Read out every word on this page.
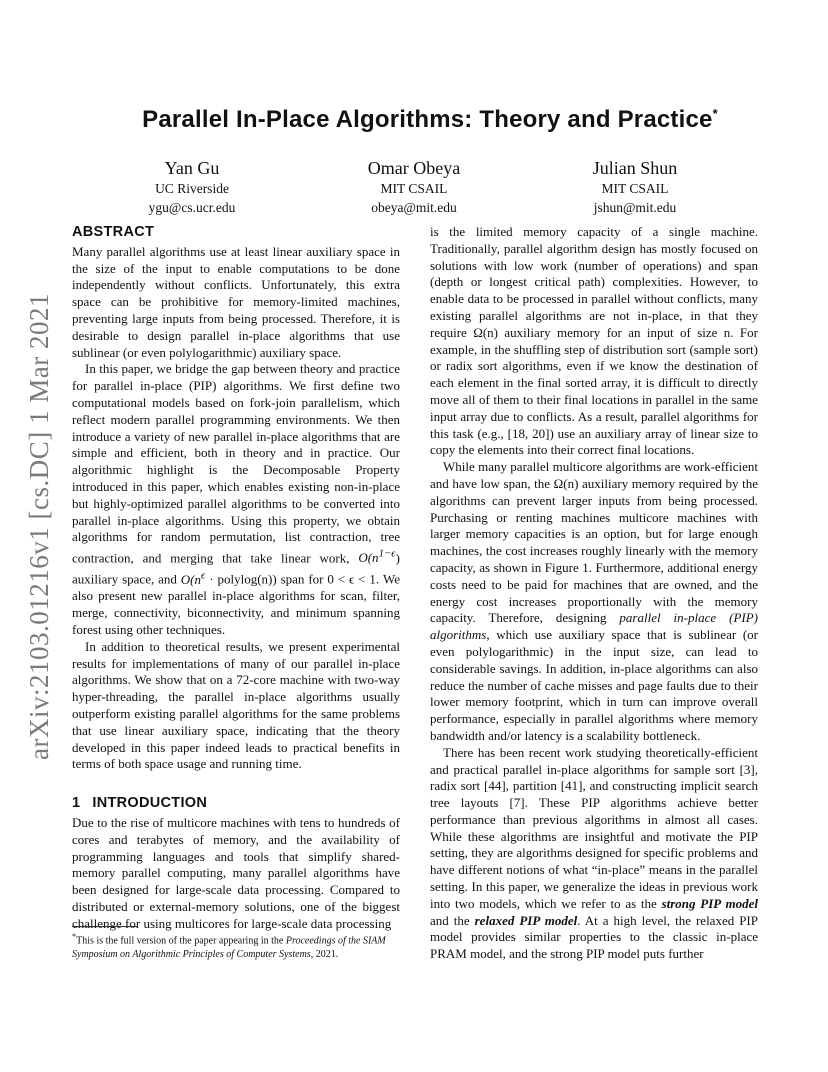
arXiv:2103.01216v1 [cs.DC] 1 Mar 2021
Parallel In-Place Algorithms: Theory and Practice*
Yan Gu
UC Riverside
ygu@cs.ucr.edu
Omar Obeya
MIT CSAIL
obeya@mit.edu
Julian Shun
MIT CSAIL
jshun@mit.edu
ABSTRACT

Many parallel algorithms use at least linear auxiliary space in the size of the input to enable computations to be done independently without conflicts. Unfortunately, this extra space can be prohibitive for memory-limited machines, preventing large inputs from being processed. Therefore, it is desirable to design parallel in-place algorithms that use sublinear (or even polylogarithmic) auxiliary space.

In this paper, we bridge the gap between theory and practice for parallel in-place (PIP) algorithms. We first define two computational models based on fork-join parallelism, which reflect modern parallel programming environments. We then introduce a variety of new parallel in-place algorithms that are simple and efficient, both in theory and in practice. Our algorithmic highlight is the Decomposable Property introduced in this paper, which enables existing non-in-place but highly-optimized parallel algorithms to be converted into parallel in-place algorithms. Using this property, we obtain algorithms for random permutation, list contraction, tree contraction, and merging that take linear work, $O(n^{1-\epsilon})$ auxiliary space, and $O(n^\epsilon$ · polylog(n)) span for 0 < ϵ < 1. We also present new parallel in-place algorithms for scan, filter, merge, connectivity, biconnectivity, and minimum spanning forest using other techniques.

In addition to theoretical results, we present experimental results for implementations of many of our parallel in-place algorithms. We show that on a 72-core machine with two-way hyper-threading, the parallel in-place algorithms usually outperform existing parallel algorithms for the same problems that use linear auxiliary space, indicating that the theory developed in this paper indeed leads to practical benefits in terms of both space usage and running time.

1 INTRODUCTION

Due to the rise of multicore machines with tens to hundreds of cores and terabytes of memory, and the availability of programming languages and tools that simplify shared-memory parallel computing, many parallel algorithms have been designed for large-scale data processing. Compared to distributed or external-memory solutions, one of the biggest challenge for using multicores for large-scale data processing

is the limited memory capacity of a single machine. Traditionally, parallel algorithm design has mostly focused on solutions with low work (number of operations) and span (depth or longest critical path) complexities. However, to enable data to be processed in parallel without conflicts, many existing parallel algorithms are not in-place, in that they require Ω(n) auxiliary memory for an input of size n. For example, in the shuffling step of distribution sort (sample sort) or radix sort algorithms, even if we know the destination of each element in the final sorted array, it is difficult to directly move all of them to their final locations in parallel in the same input array due to conflicts. As a result, parallel algorithms for this task (e.g., [18, 20]) use an auxiliary array of linear size to copy the elements into their correct final locations.

While many parallel multicore algorithms are work-efficient and have low span, the Ω(n) auxiliary memory required by the algorithms can prevent larger inputs from being processed. Purchasing or renting machines multicore machines with larger memory capacities is an option, but for large enough machines, the cost increases roughly linearly with the memory capacity, as shown in Figure 1. Furthermore, additional energy costs need to be paid for machines that are owned, and the energy cost increases proportionally with the memory capacity. Therefore, designing parallel in-place (PIP) algorithms, which use auxiliary space that is sublinear (or even polylogarithmic) in the input size, can lead to considerable savings. In addition, in-place algorithms can also reduce the number of cache misses and page faults due to their lower memory footprint, which in turn can improve overall performance, especially in parallel algorithms where memory bandwidth and/or latency is a scalability bottleneck.

There has been recent work studying theoretically-efficient and practical parallel in-place algorithms for sample sort [3], radix sort [44], partition [41], and constructing implicit search tree layouts [7]. These PIP algorithms achieve better performance than previous algorithms in almost all cases. While these algorithms are insightful and motivate the PIP setting, they are algorithms designed for specific problems and have different notions of what “in-place” means in the parallel setting. In this paper, we generalize the ideas in previous work into two models, which we refer to as the strong PIP model and the relaxed PIP model. At a high level, the relaxed PIP model provides similar properties to the classic in-place PRAM model, and the strong PIP model puts further

*This is the full version of the paper appearing in the Proceedings of the SIAM Symposium on Algorithmic Principles of Computer Systems, 2021.
